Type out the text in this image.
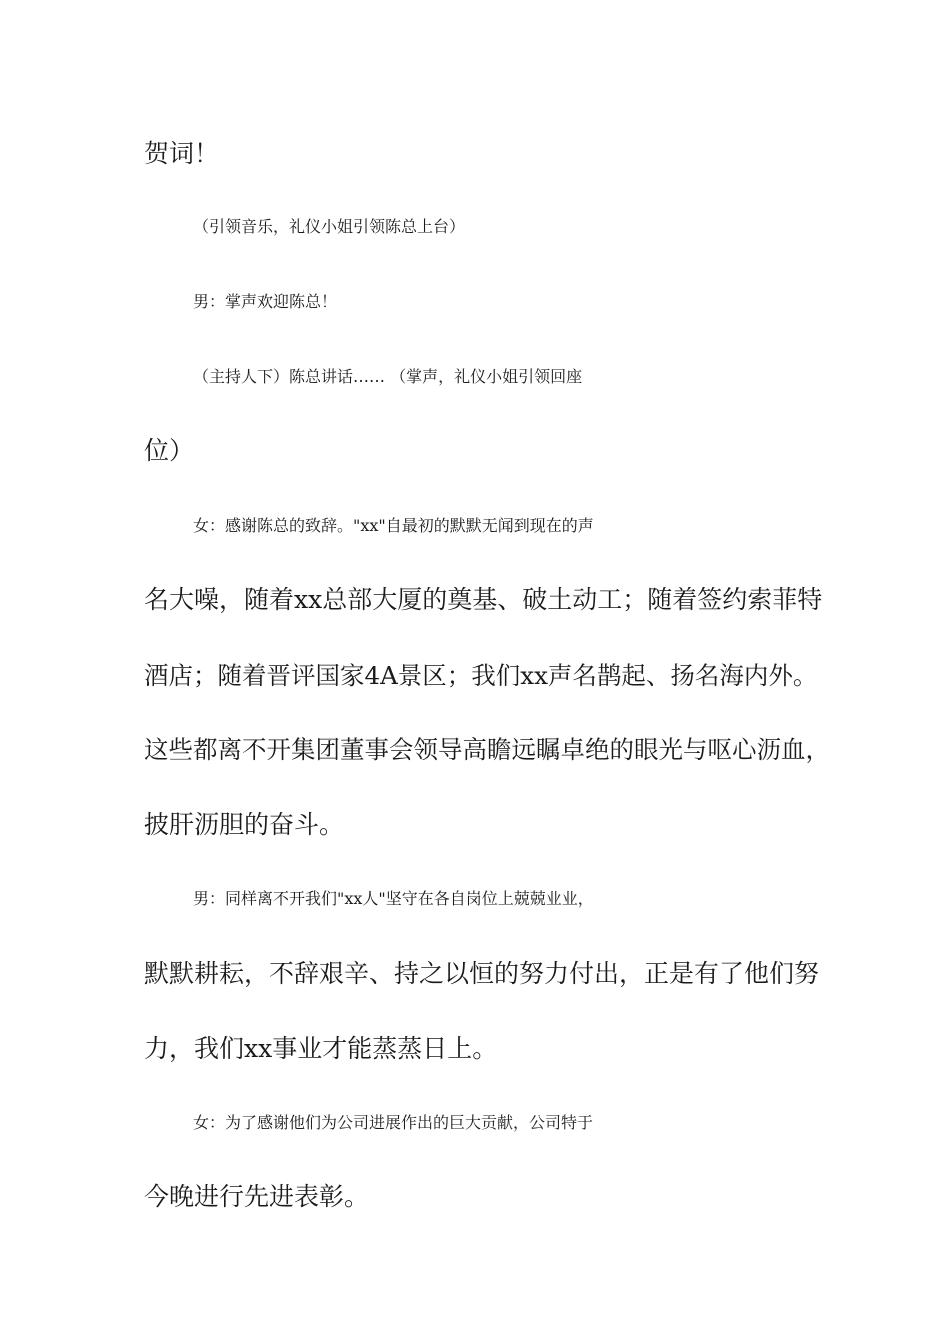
贺词！
（引领音乐，礼仪小姐引领陈总上台）
男：掌声欢迎陈总！
（主持人下）陈总讲话…… （掌声，礼仪小姐引领回座
位）
女：感谢陈总的致辞。"xx"自最初的默默无闻到现在的声
名大噪，随着xx总部大厦的奠基、破土动工；随着签约索菲特
酒店；随着晋评国家4A景区；我们xx声名鹊起、扬名海内外。
这些都离不开集团董事会领导高瞻远瞩卓绝的眼光与呕心沥血，
披肝沥胆的奋斗。
男：同样离不开我们"xx人"坚守在各自岗位上兢兢业业，
默默耕耘，不辞艰辛、持之以恒的努力付出，正是有了他们努
力，我们xx事业才能蒸蒸日上。
女：为了感谢他们为公司进展作出的巨大贡献，公司特于
今晚进行先进表彰。
